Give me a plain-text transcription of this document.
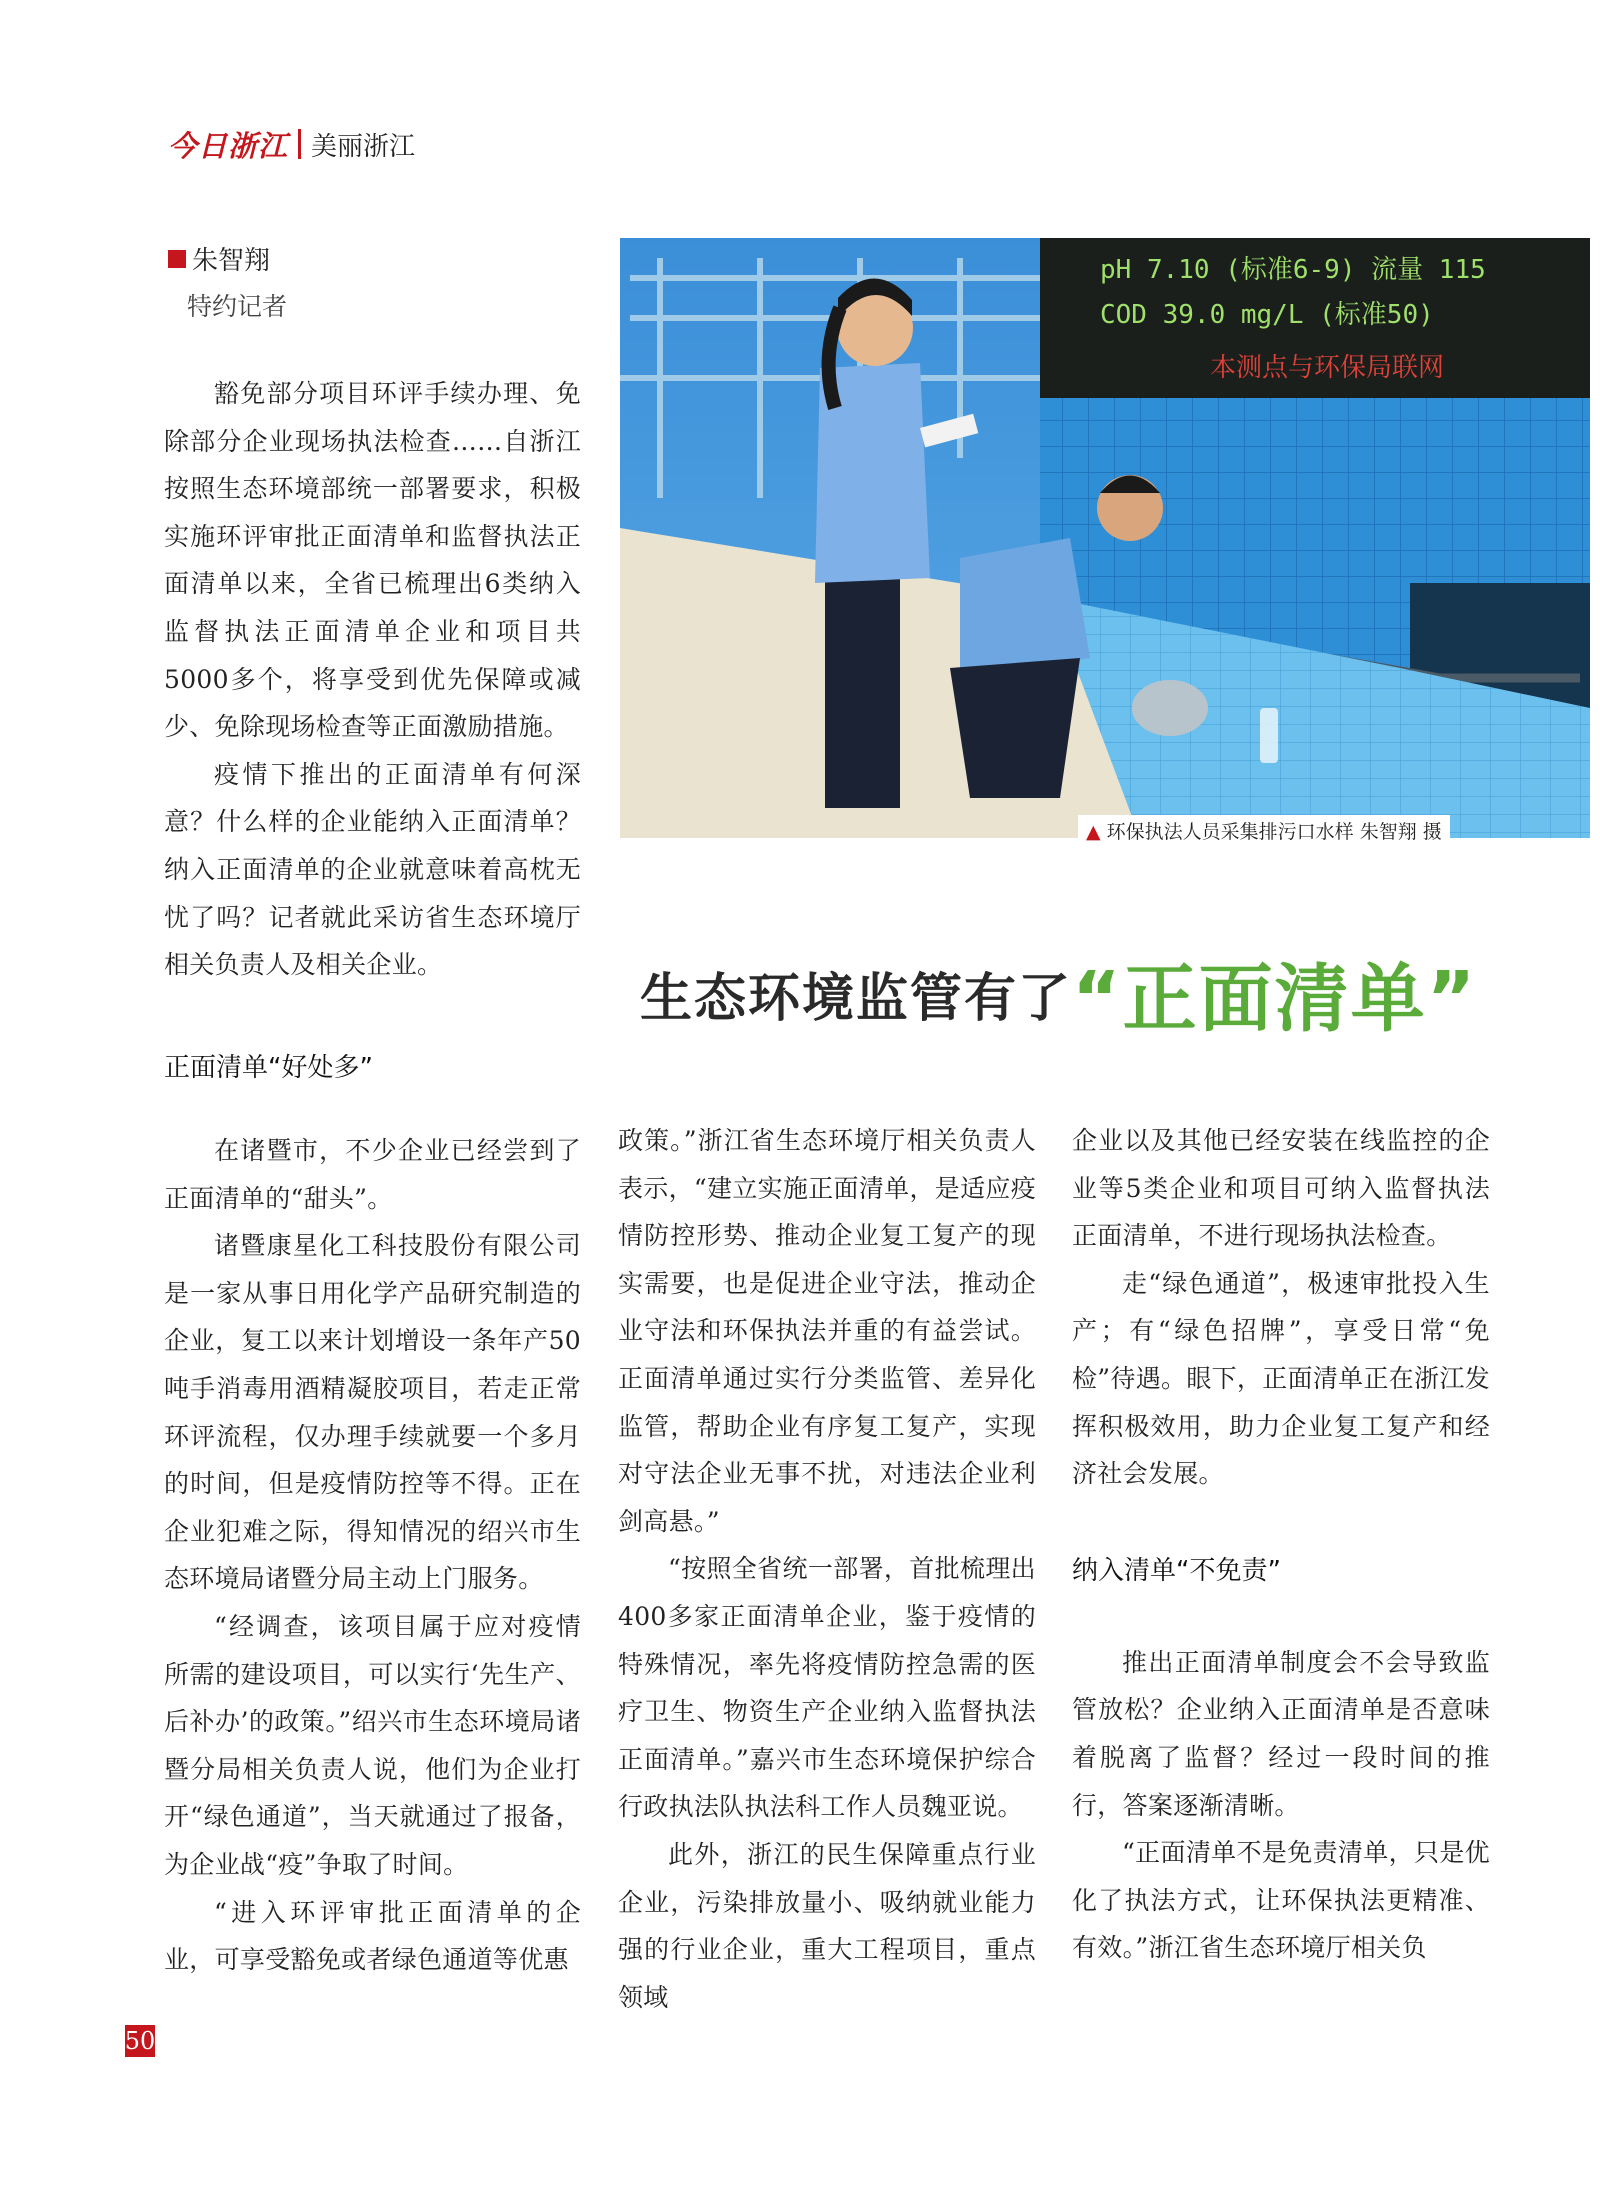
今日浙江 美丽浙江
朱智翔
特约记者

豁免部分项目环评手续办理、免除部分企业现场执法检查……自浙江按照生态环境部统一部署要求，积极实施环评审批正面清单和监督执法正面清单以来，全省已梳理出6类纳入监督执法正面清单企业和项目共5000多个，将享受到优先保障或减少、免除现场检查等正面激励措施。

疫情下推出的正面清单有何深意？什么样的企业能纳入正面清单？纳入正面清单的企业就意味着高枕无忧了吗？记者就此采访省生态环境厅相关负责人及相关企业。

正面清单“好处多”
pH 7.10 (标准6-9) 流量 115
COD 39.0 mg/L (标准50)
本测点与环保局联网
▲ 环保执法人员采集排污口水样 朱智翔 摄
生态环境监管有了 “正面清单”

在诸暨市，不少企业已经尝到了正面清单的“甜头”。

诸暨康星化工科技股份有限公司是一家从事日用化学产品研究制造的企业，复工以来计划增设一条年产50吨手消毒用酒精凝胶项目，若走正常环评流程，仅办理手续就要一个多月的时间，但是疫情防控等不得。正在企业犯难之际，得知情况的绍兴市生态环境局诸暨分局主动上门服务。

“经调查，该项目属于应对疫情所需的建设项目，可以实行‘先生产、后补办’的政策。”绍兴市生态环境局诸暨分局相关负责人说，他们为企业打开“绿色通道”，当天就通过了报备，为企业战“疫”争取了时间。

“进入环评审批正面清单的企业，可享受豁免或者绿色通道等优惠

政策。”浙江省生态环境厅相关负责人表示，“建立实施正面清单，是适应疫情防控形势、推动企业复工复产的现实需要，也是促进企业守法，推动企业守法和环保执法并重的有益尝试。正面清单通过实行分类监管、差异化监管，帮助企业有序复工复产，实现对守法企业无事不扰，对违法企业利剑高悬。”

“按照全省统一部署，首批梳理出400多家正面清单企业，鉴于疫情的特殊情况，率先将疫情防控急需的医疗卫生、物资生产企业纳入监督执法正面清单。”嘉兴市生态环境保护综合行政执法队执法科工作人员魏亚说。

此外，浙江的民生保障重点行业企业，污染排放量小、吸纳就业能力强的行业企业，重大工程项目，重点领域

企业以及其他已经安装在线监控的企业等5类企业和项目可纳入监督执法正面清单，不进行现场执法检查。

走“绿色通道”，极速审批投入生产；有“绿色招牌”，享受日常“免检”待遇。眼下，正面清单正在浙江发挥积极效用，助力企业复工复产和经济社会发展。

纳入清单“不免责”

推出正面清单制度会不会导致监管放松？企业纳入正面清单是否意味着脱离了监督？经过一段时间的推行，答案逐渐清晰。

“正面清单不是免责清单，只是优化了执法方式，让环保执法更精准、有效。”浙江省生态环境厅相关负

50
